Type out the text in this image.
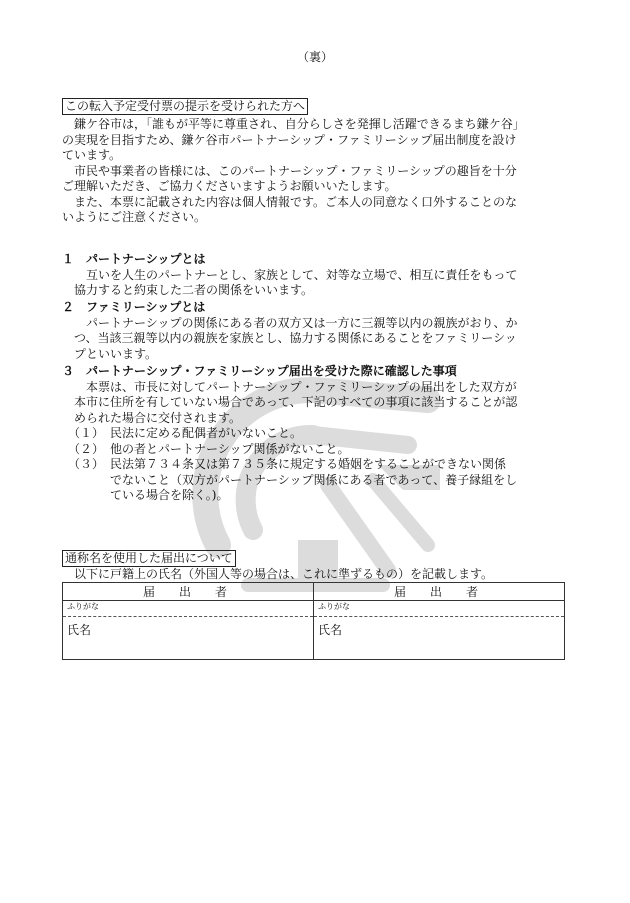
（裏）
この転入予定受付票の提示を受けられた方へ
　鎌ケ谷市は，「誰もが平等に尊重され、自分らしさを発揮し活躍できるまち鎌ケ谷」
の実現を目指すため、鎌ケ谷市パートナーシップ・ファミリーシップ届出制度を設け
ています。
　市民や事業者の皆様には、このパートナーシップ・ファミリーシップの趣旨を十分
ご理解いただき、ご協力くださいますようお願いいたします。
　また、本票に記載された内容は個人情報です。ご本人の同意なく口外することのな
いようにご注意ください。
１　パートナーシップとは
　　互いを人生のパートナーとし、家族として、対等な立場で、相互に責任をもって
　協力すると約束した二者の関係をいいます。
２　ファミリーシップとは
　　パートナーシップの関係にある者の双方又は一方に三親等以内の親族がおり、か
　つ、当該三親等以内の親族を家族とし、協力する関係にあることをファミリーシッ
　プといいます。
３　パートナーシップ・ファミリーシップ届出を受けた際に確認した事項
　　本票は、市長に対してパートナーシップ・ファミリーシップの届出をした双方が
　本市に住所を有していない場合であって、下記のすべての事項に該当することが認
　められた場合に交付されます。
　（１）　民法に定める配偶者がいないこと。
　（２）　他の者とパートナーシップ関係がないこと。
　（３）　民法第７３４条又は第７３５条に規定する婚姻をすることができない関係
　　　　でないこと（双方がパートナーシップ関係にある者であって、養子縁組をし
　　　　ている場合を除く。)。
通称名を使用した届出について
　以下に戸籍上の氏名（外国人等の場合は、これに準ずるもの）を記載します。
届　出　者	届　出　者
ふりがな	ふりがな
氏名	氏名
